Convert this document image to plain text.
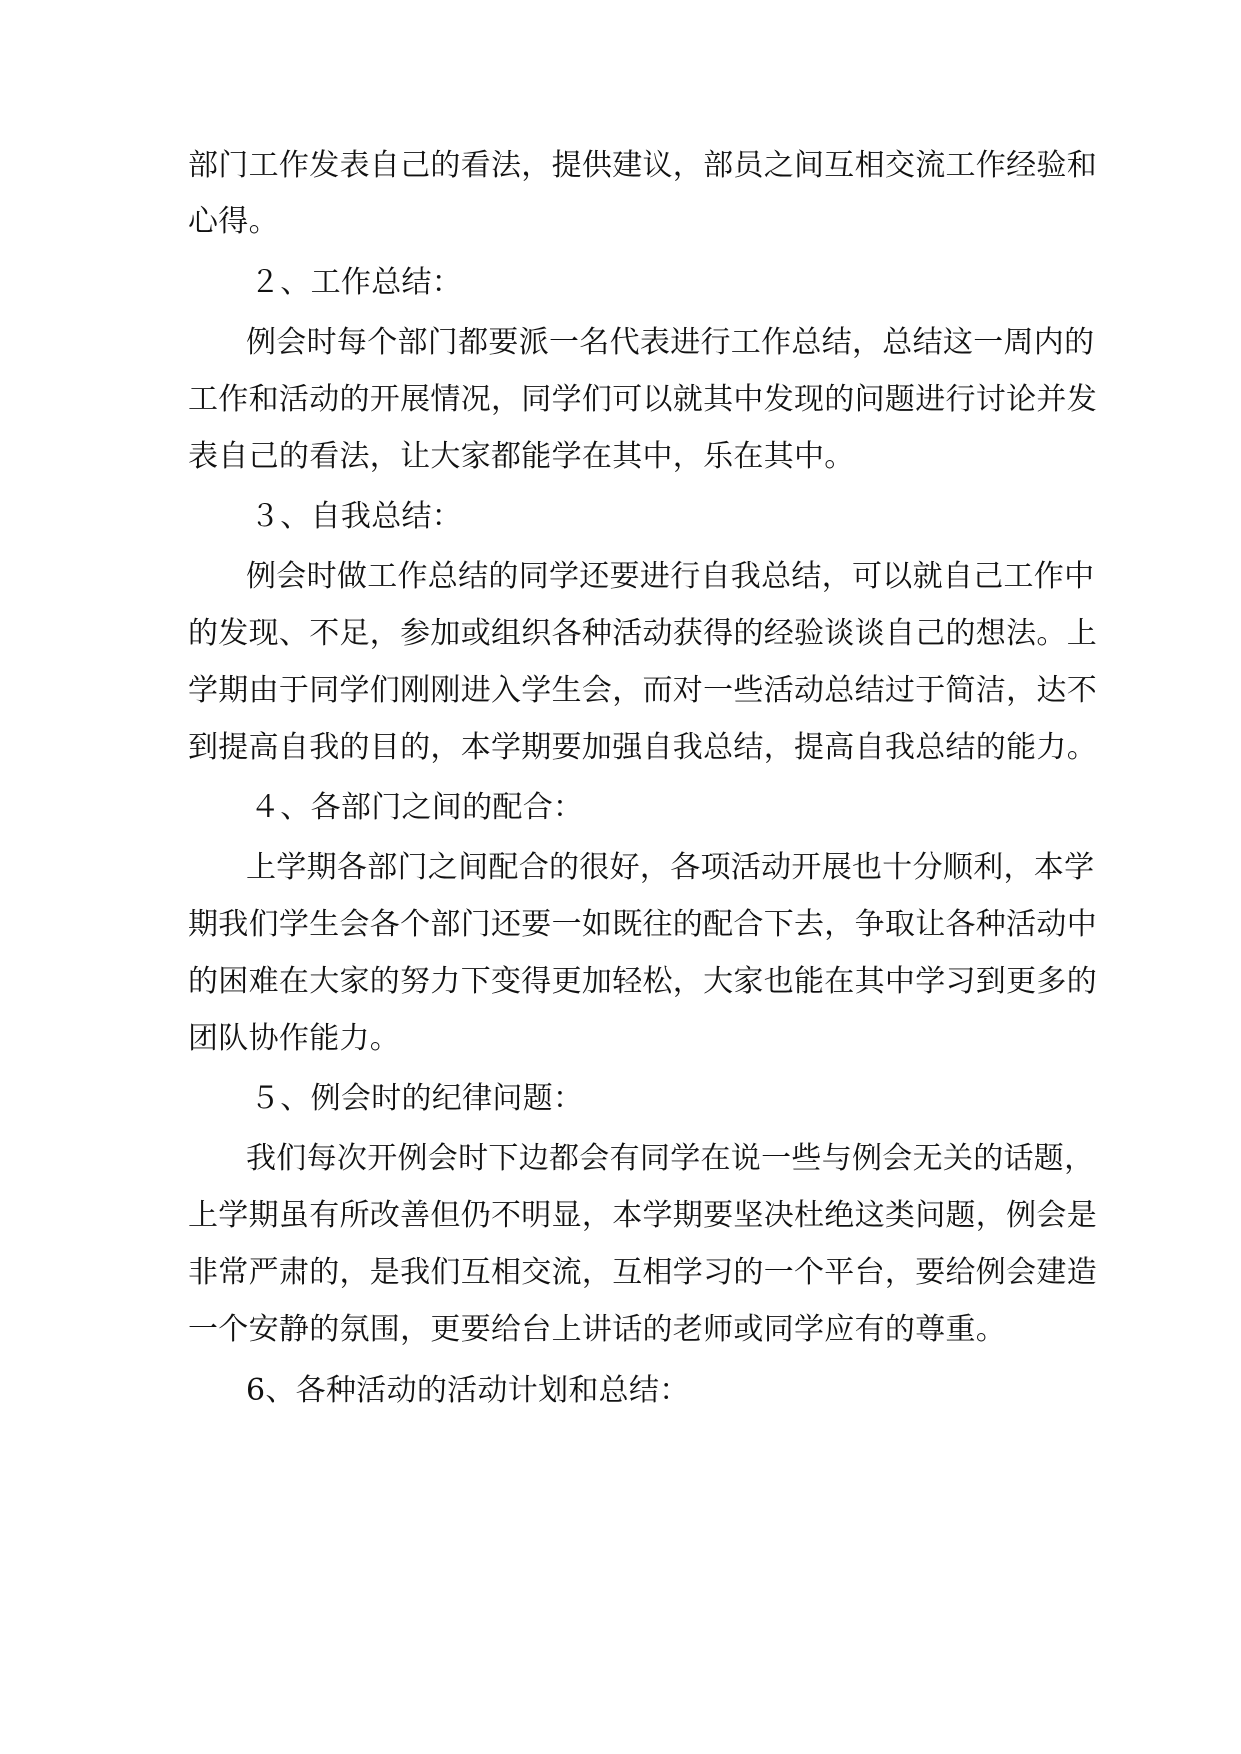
部门工作发表自己的看法，提供建议，部员之间互相交流工作经验和
心得。
２、工作总结：
例会时每个部门都要派一名代表进行工作总结，总结这一周内的
工作和活动的开展情况，同学们可以就其中发现的问题进行讨论并发
表自己的看法，让大家都能学在其中，乐在其中。
３、自我总结：
例会时做工作总结的同学还要进行自我总结，可以就自己工作中
的发现、不足，参加或组织各种活动获得的经验谈谈自己的想法。上
学期由于同学们刚刚进入学生会，而对一些活动总结过于简洁，达不
到提高自我的目的，本学期要加强自我总结，提高自我总结的能力。
４、各部门之间的配合：
上学期各部门之间配合的很好，各项活动开展也十分顺利，本学
期我们学生会各个部门还要一如既往的配合下去，争取让各种活动中
的困难在大家的努力下变得更加轻松，大家也能在其中学习到更多的
团队协作能力。
５、例会时的纪律问题：
我们每次开例会时下边都会有同学在说一些与例会无关的话题，
上学期虽有所改善但仍不明显，本学期要坚决杜绝这类问题，例会是
非常严肃的，是我们互相交流，互相学习的一个平台，要给例会建造
一个安静的氛围，更要给台上讲话的老师或同学应有的尊重。
6、各种活动的活动计划和总结：
